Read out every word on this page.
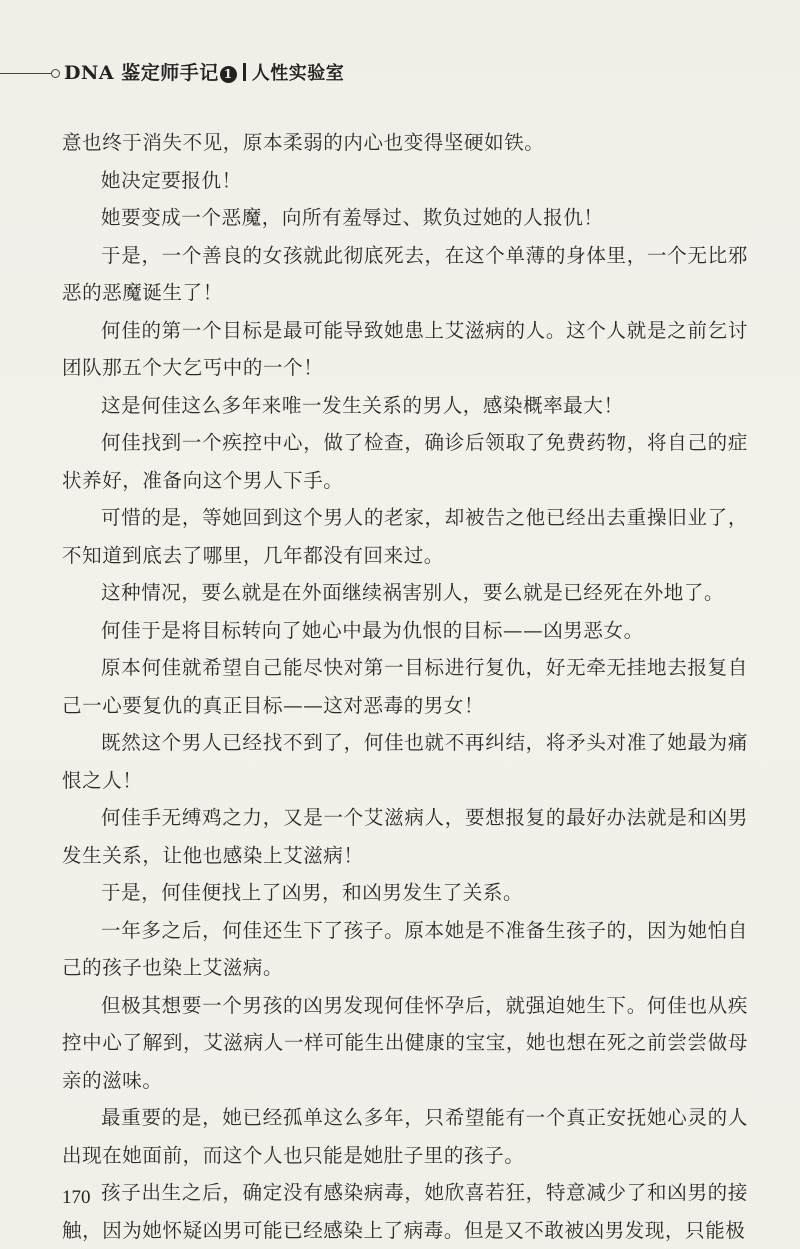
DNA 鉴定师手记 1 人性实验室

意也终于消失不见，原本柔弱的内心也变得坚硬如铁。

她决定要报仇！

她要变成一个恶魔，向所有羞辱过、欺负过她的人报仇！

于是，一个善良的女孩就此彻底死去，在这个单薄的身体里，一个无比邪恶的恶魔诞生了！

何佳的第一个目标是最可能导致她患上艾滋病的人。这个人就是之前乞讨团队那五个大乞丐中的一个！

这是何佳这么多年来唯一发生关系的男人，感染概率最大！

何佳找到一个疾控中心，做了检查，确诊后领取了免费药物，将自己的症状养好，准备向这个男人下手。

可惜的是，等她回到这个男人的老家，却被告之他已经出去重操旧业了，不知道到底去了哪里，几年都没有回来过。

这种情况，要么就是在外面继续祸害别人，要么就是已经死在外地了。

何佳于是将目标转向了她心中最为仇恨的目标——凶男恶女。

原本何佳就希望自己能尽快对第一目标进行复仇，好无牵无挂地去报复自己一心要复仇的真正目标——这对恶毒的男女！

既然这个男人已经找不到了，何佳也就不再纠结，将矛头对准了她最为痛恨之人！

何佳手无缚鸡之力，又是一个艾滋病人，要想报复的最好办法就是和凶男发生关系，让他也感染上艾滋病！

于是，何佳便找上了凶男，和凶男发生了关系。

一年多之后，何佳还生下了孩子。原本她是不准备生孩子的，因为她怕自己的孩子也染上艾滋病。

但极其想要一个男孩的凶男发现何佳怀孕后，就强迫她生下。何佳也从疾控中心了解到，艾滋病人一样可能生出健康的宝宝，她也想在死之前尝尝做母亲的滋味。

最重要的是，她已经孤单这么多年，只希望能有一个真正安抚她心灵的人出现在她面前，而这个人也只能是她肚子里的孩子。

孩子出生之后，确定没有感染病毒，她欣喜若狂，特意减少了和凶男的接触，因为她怀疑凶男可能已经感染上了病毒。但是又不敢被凶男发现，只能极

170
